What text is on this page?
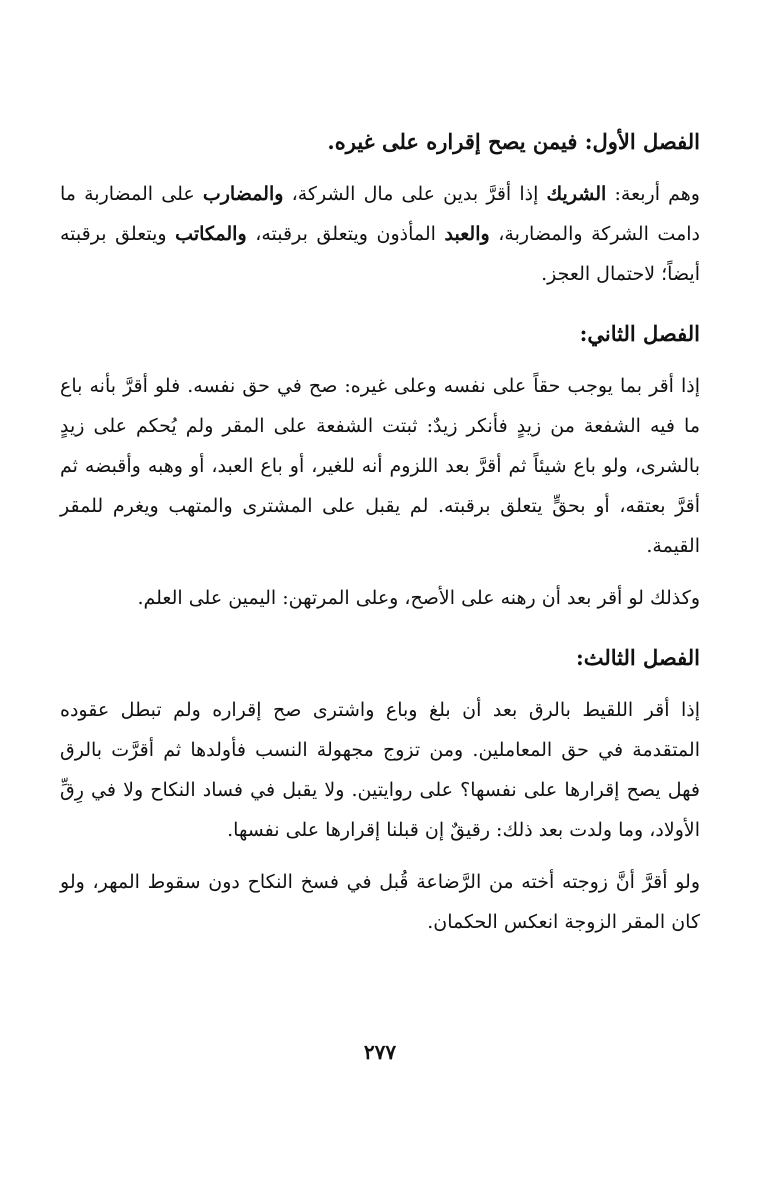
الفصل الأول: فيمن يصح إقراره على غيره.

وهم أربعة: الشريك إذا أقرَّ بدين على مال الشركة، والمضارب على المضاربة ما دامت الشركة والمضاربة، والعبد المأذون ويتعلق برقبته، والمكاتب ويتعلق برقبته أيضاً؛ لاحتمال العجز.

الفصل الثاني:

إذا أقر بما يوجب حقاً على نفسه وعلى غيره: صح في حق نفسه. فلو أقرَّ بأنه باع ما فيه الشفعة من زيدٍ فأنكر زيدٌ: ثبتت الشفعة على المقر ولم يُحكم على زيدٍ بالشرى، ولو باع شيئاً ثم أقرَّ بعد اللزوم أنه للغير، أو باع العبد، أو وهبه وأقبضه ثم أقرَّ بعتقه، أو بحقٍّ يتعلق برقبته. لم يقبل على المشترى والمتهب ويغرم للمقر القيمة.

وكذلك لو أقر بعد أن رهنه على الأصح، وعلى المرتهن: اليمين على العلم.

الفصل الثالث:

إذا أقر اللقيط بالرق بعد أن بلغ وباع واشترى صح إقراره ولم تبطل عقوده المتقدمة في حق المعاملين. ومن تزوج مجهولة النسب فأولدها ثم أقرَّت بالرق فهل يصح إقرارها على نفسها؟ على روايتين. ولا يقبل في فساد النكاح ولا في رِقِّ الأولاد، وما ولدت بعد ذلك: رقيقٌ إن قبلنا إقرارها على نفسها.

ولو أقرَّ أنَّ زوجته أخته من الرَّضاعة قُبل في فسخ النكاح دون سقوط المهر، ولو كان المقر الزوجة انعكس الحكمان.

٢٧٧
